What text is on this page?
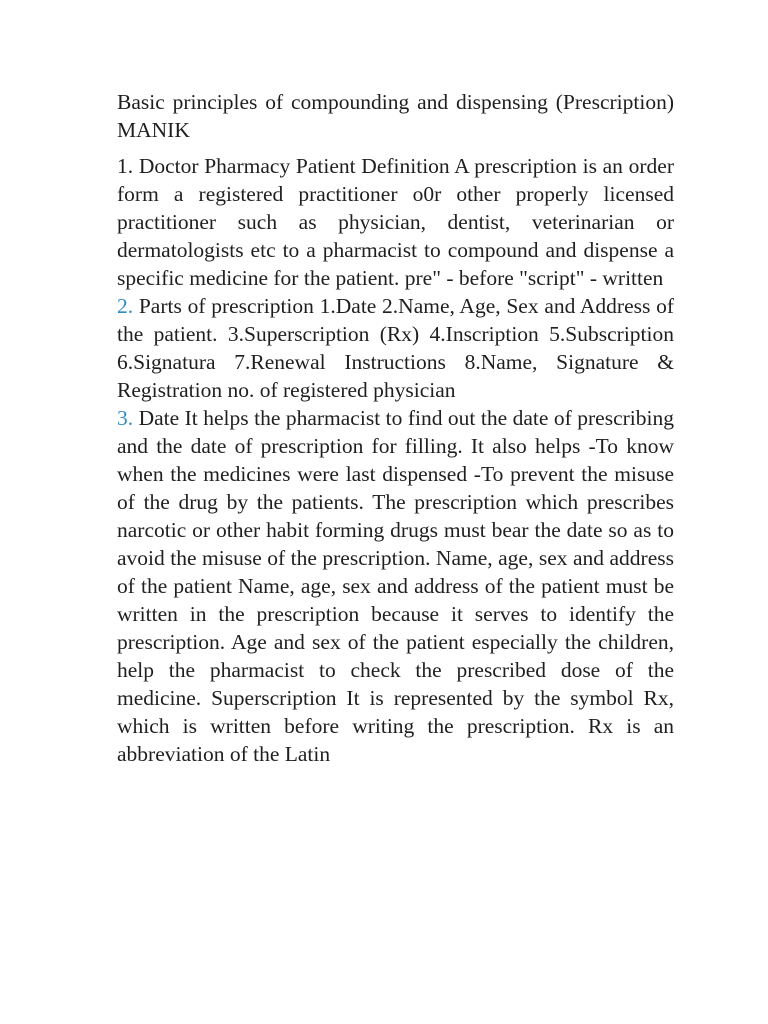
Basic principles of compounding and dispensing (Prescription) MANIK

1. Doctor Pharmacy Patient Definition A prescription is an order form a registered practitioner o0r other properly licensed practitioner such as physician, dentist, veterinarian or dermatologists etc to a pharmacist to compound and dispense a specific medicine for the patient. pre" - before "script" - written

2. Parts of prescription 1.Date 2.Name, Age, Sex and Address of the patient. 3.Superscription (Rx) 4.Inscription 5.Subscription 6.Signatura 7.Renewal Instructions 8.Name, Signature & Registration no. of registered physician

3. Date It helps the pharmacist to find out the date of prescribing and the date of prescription for filling. It also helps -To know when the medicines were last dispensed -To prevent the misuse of the drug by the patients. The prescription which prescribes narcotic or other habit forming drugs must bear the date so as to avoid the misuse of the prescription. Name, age, sex and address of the patient Name, age, sex and address of the patient must be written in the prescription because it serves to identify the prescription. Age and sex of the patient especially the children, help the pharmacist to check the prescribed dose of the medicine. Superscription It is represented by the symbol Rx, which is written before writing the prescription. Rx is an abbreviation of the Latin
